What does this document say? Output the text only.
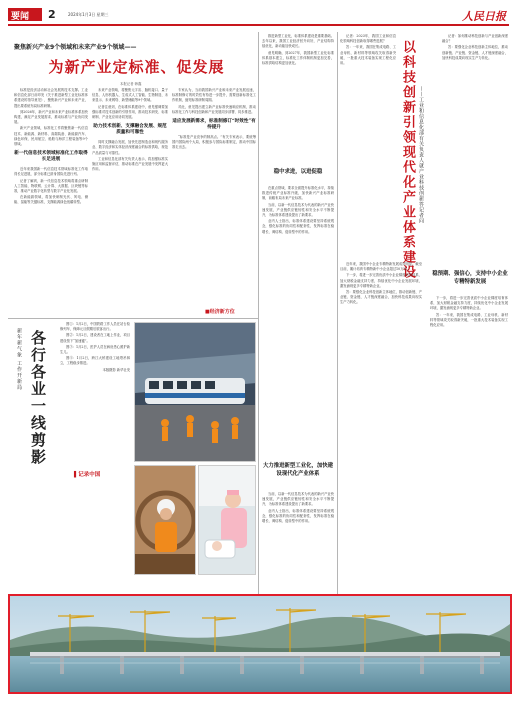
要闻 2	2024年1月3日 星期三	人民日报
聚焦新兴产业9个领域和未来产业9个领域——
为新产业定标准、促发展
本报记者 韩鑫

标准是经济活动和社会发展的技术支撑。工业和信息化部日前印发《关于推进新型工业化标准体系建设的指导意见》，聚焦新兴产业和未来产业，提出要系统布局标准研制。

到2026年，新兴产业和未来产业标准体系加快构建，满足产业发展需求，推动标准与产业协同发展。

新兴产业领域，标准化工作将聚焦新一代信息技术、新能源、新材料、高端装备、新能源汽车、绿色环保、民用航空、船舶与海洋工程装备等9个领域。

新一代信息技术领域标准化工作取得长足进展

近年来我国新一代信息技术领域标准化工作取得长足进展，部分标准已跻身国际先进行列。

记者了解到，新一代信息技术领域将重点研制人工智能、物联网、云计算、大数据、区块链等标准，推动产业数字化转型与数字产业化发展。

在新能源领域，将加快研制光伏、风电、储能、氢能等关键标准，支撑能源绿色低碳转型。

未来产业领域，将聚焦元宇宙、脑机接口、量子信息、人形机器人、生成式人工智能、生物制造、未来显示、未来网络、新型储能等9个领域。

记者注意到，在标准体系建设中，意见强调要加强标准对技术创新的引领作用，推动技术研发、标准研制、产业化应用协同发展。

助力技术创新、支撑融合发展、规范质量和可靠性

同时支撑融合发展，加快先进制造业和现代服务业、数字经济和实体经济深度融合的标准供给，规范产品质量与可靠性。

工业和信息化部有关负责人表示，将加强标准实施应用和监督评估，推动标准在产业发展中发挥更大作用。

专家认为，当前我国新兴产业和未来产业发展迅速，标准制修订的时效性有待进一步提升，需要创新标准化工作机制，缩短标准研制周期。

对此，意见提出建立新产业标准快速响应机制，推动标准化工作与科技创新和产业发展同步部署、同步推进。

适应发展新需求，标准制修订“时效性”有待提升

“标准是产业竞争的制高点。”有关专家表示，要统筹国内国际两个大局，积极参与国际标准制定，推动中国标准走出去。

■经济新方位

推进新型工业化，标准体系建设是重要基础。去年以来，我国工业经济回升向好，产业结构持续优化，新动能加快成长。

意见明确，到2027年，我国新型工业化标准体系基本建立，标准化工作体制机制更加完善，标准供给结构更加优化。

稳中求进，以进促稳

在重点领域，要求全面提升标准化水平，持续推进传统产业标准升级，加快新兴产业标准研制，前瞻布局未来产业标准。

当前，以新一代信息技术为代表的新兴产业快速发展，产业链供应链韧性和安全水平不断提升，为标准体系建设提出了新要求。

业内人士指出，标准体系建设要坚持系统观念，强化标准的协同性和配套性，发挥标准在稳增长、调结构、促转型中的作用。

大力推进新型工业化，加快建设现代化产业体系

当前，以新一代信息技术为代表的新兴产业快速发展，产业链供应链韧性和安全水平不断提升，为标准体系建设提出了新要求。

业内人士指出，标准体系建设要坚持系统观念，强化标准的协同性和配套性，发挥标准在稳增长、调结构、促转型中的作用。

记者：2023年，我国工业和信息化领域科技创新取得哪些进展？

答：一年来，我国在集成电路、工业母机、新材料等领域攻关取得新突破，一批重大技术装备实现工程化应用。	以科技创新引领现代化产业体系建设 ——工业和信息化部有关负责人就产业科技创新答记者问

记者：如何推动科技创新与产业创新深度融合？

答：要强化企业科技创新主体地位，推动创新链、产业链、资金链、人才链深度融合，加快科技成果向现实生产力转化。

稳预期、强信心，支持中小企业专精特新发展

近年来，我国中小企业专精特新发展成效明显。截至目前，累计培育专精特新中小企业超过10万家。

下一步，将进一步完善优质中小企业梯度培育体系，加大财税金融支持力度，持续优化中小企业发展环境，激发涌现更多专精特新企业。

答：要强化企业科技创新主体地位，推动创新链、产业链、资金链、人才链深度融合，加快科技成果向现实生产力转化。

下一步，将进一步完善优质中小企业梯度培育体系，加大财税金融支持力度，持续优化中小企业发展环境，激发涌现更多专精特新企业。

答：一年来，我国在集成电路、工业母机、新材料等领域攻关取得新突破，一批重大技术装备实现工程化应用。

新年新气象 工作开新局 各行各业一线剪影

图①：1月2日，中国铁路工作人员在站台检修列车，保障元旦假期后旅客出行。

图②：1月2日，建设者在工地上作业，项目建设按下“加速键”。

图③：1月2日，医护人员在病房悉心照护新生儿。

图④：1月2日，跨江大桥建设工地塔吊林立，工程稳步推进。

本版摄影 新华社发

▌记录中国
